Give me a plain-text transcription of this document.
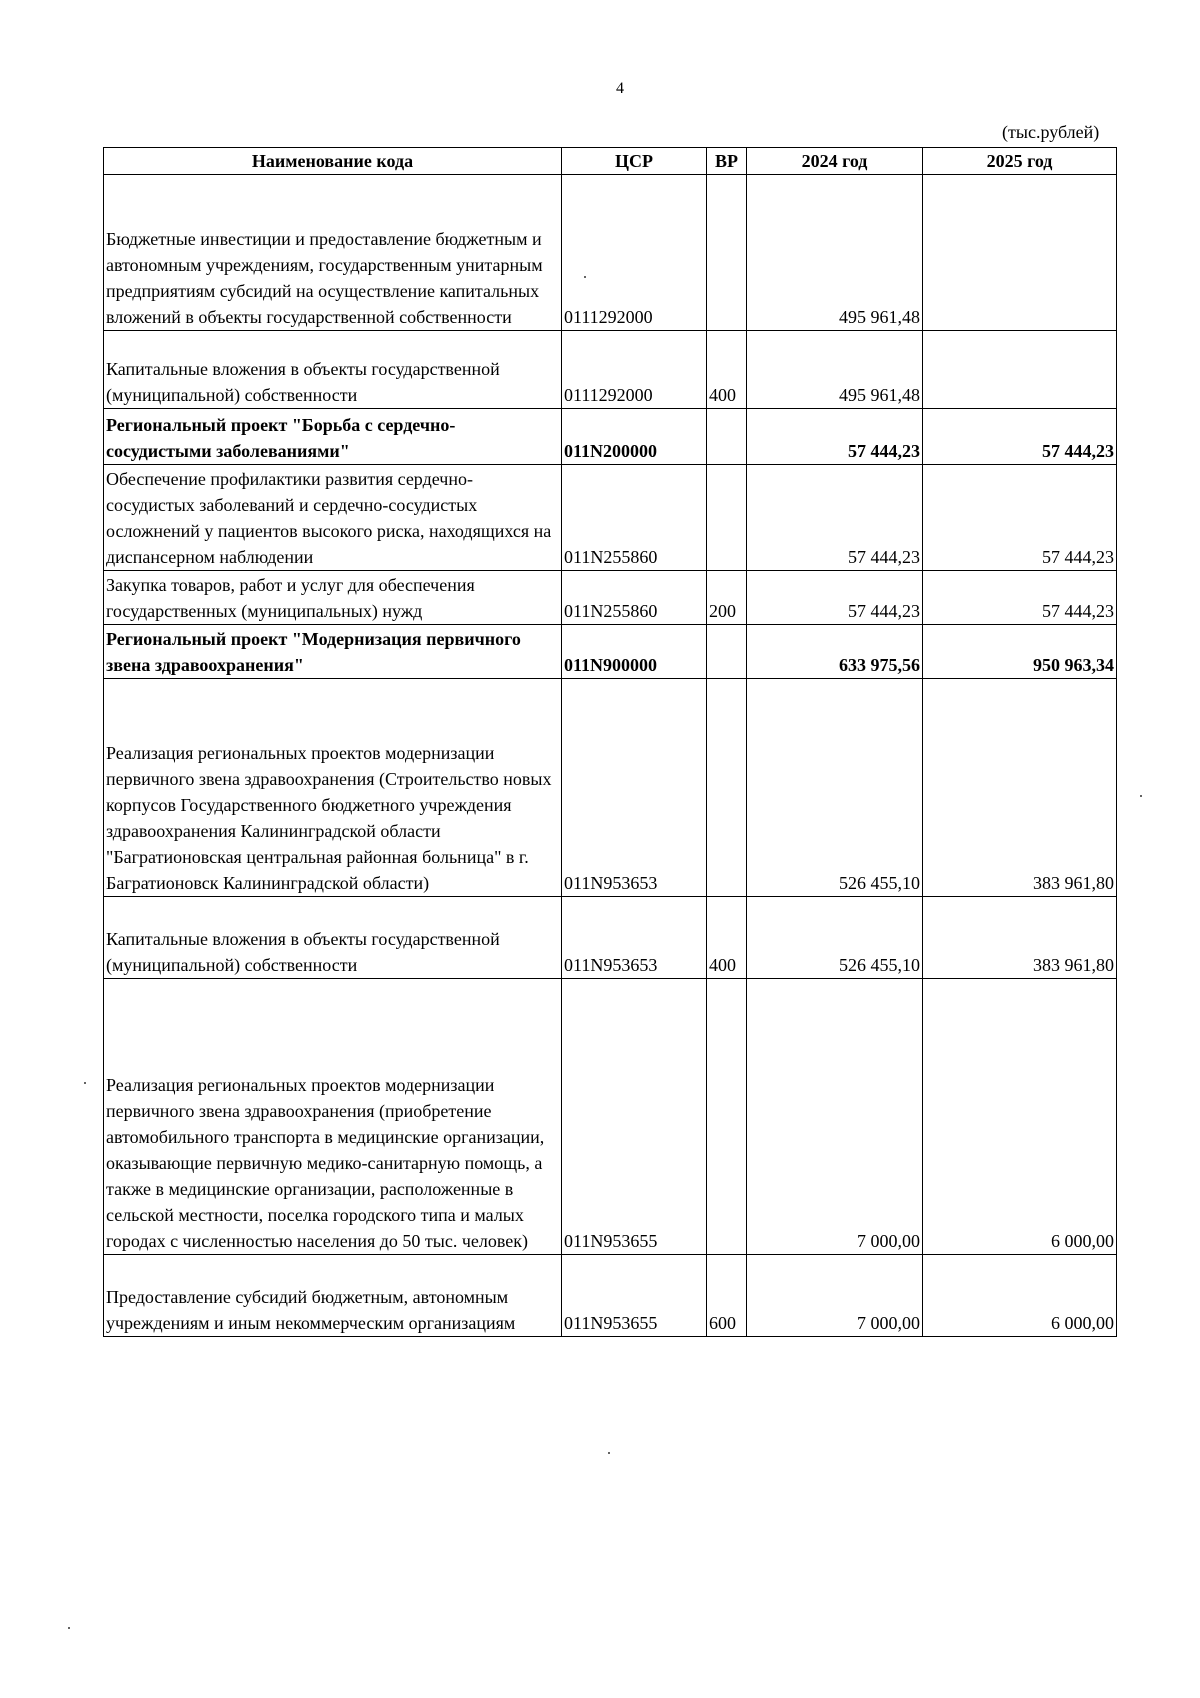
4
(тыс.рублей)
Наименование кода	ЦСР	ВР	2024 год	2025 год
Бюджетные инвестиции и предоставление бюджетным и автономным учреждениям, государственным унитарным предприятиям субсидий на осуществление капитальных вложений в объекты государственной собственности	0111292000		495 961,48	
Капитальные вложения в объекты государственной (муниципальной) собственности	0111292000	400	495 961,48	
Региональный проект "Борьба с сердечно-сосудистыми заболеваниями"	011N200000		57 444,23	57 444,23
Обеспечение профилактики развития сердечно-сосудистых заболеваний и сердечно-сосудистых осложнений у пациентов высокого риска, находящихся на диспансерном наблюдении	011N255860		57 444,23	57 444,23
Закупка товаров, работ и услуг для обеспечения государственных (муниципальных) нужд	011N255860	200	57 444,23	57 444,23
Региональный проект "Модернизация первичного звена здравоохранения"	011N900000		633 975,56	950 963,34
Реализация региональных проектов модернизации первичного звена здравоохранения (Строительство новых корпусов Государственного бюджетного учреждения здравоохранения Калининградской области "Багратионовская центральная районная больница" в г. Багратионовск Калининградской области)	011N953653		526 455,10	383 961,80
Капитальные вложения в объекты государственной (муниципальной) собственности	011N953653	400	526 455,10	383 961,80
Реализация региональных проектов модернизации первичного звена здравоохранения (приобретение автомобильного транспорта в медицинские организации, оказывающие первичную медико-санитарную помощь, а также в медицинские организации, расположенные в сельской местности, поселка городского типа и малых городах с численностью населения до 50 тыс. человек)	011N953655		7 000,00	6 000,00
Предоставление субсидий бюджетным, автономным учреждениям и иным некоммерческим организациям	011N953655	600	7 000,00	6 000,00
